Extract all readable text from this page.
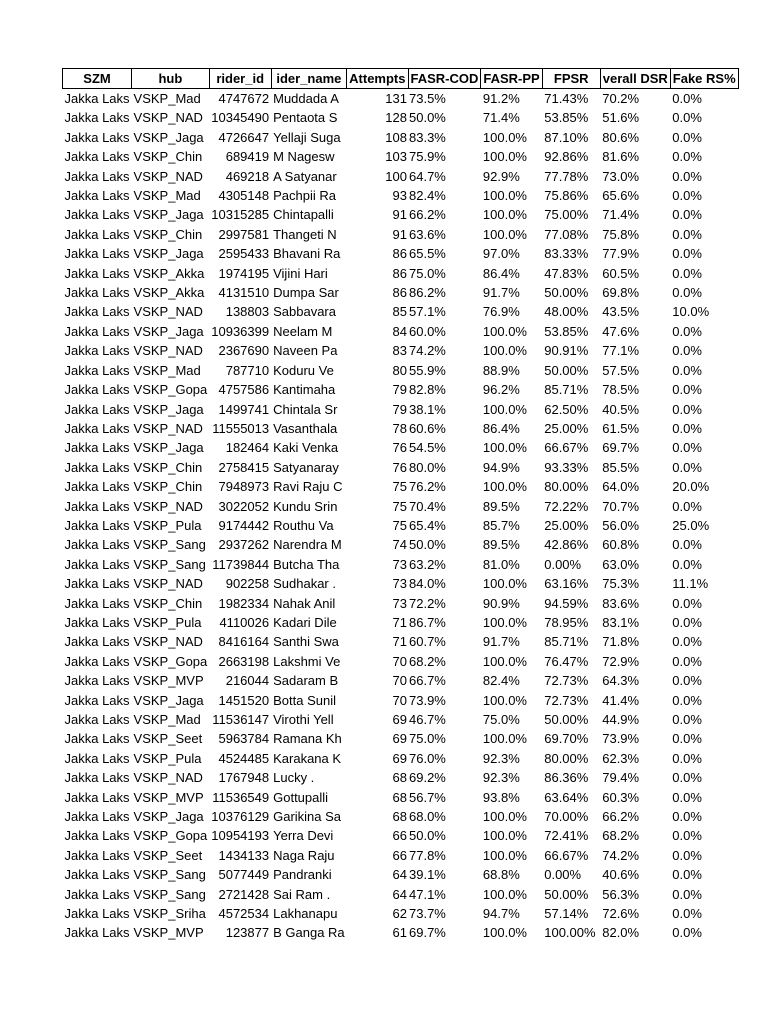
SZM	hub	rider_id	ider_name	Attempts	FASR-COD	FASR-PP	FPSR	verall DSR	Fake RS%
Jakka Laks	VSKP_Mad	4747672	Muddada A	131	73.5%	91.2%	71.43%	70.2%	0.0%
Jakka Laks	VSKP_NAD	10345490	Pentaota S	128	50.0%	71.4%	53.85%	51.6%	0.0%
Jakka Laks	VSKP_Jaga	4726647	Yellaji Suga	108	83.3%	100.0%	87.10%	80.6%	0.0%
Jakka Laks	VSKP_Chin	689419	M Nagesw	103	75.9%	100.0%	92.86%	81.6%	0.0%
Jakka Laks	VSKP_NAD	469218	A Satyanar	100	64.7%	92.9%	77.78%	73.0%	0.0%
Jakka Laks	VSKP_Mad	4305148	Pachpii Ra	93	82.4%	100.0%	75.86%	65.6%	0.0%
Jakka Laks	VSKP_Jaga	10315285	Chintapalli	91	66.2%	100.0%	75.00%	71.4%	0.0%
Jakka Laks	VSKP_Chin	2997581	Thangeti N	91	63.6%	100.0%	77.08%	75.8%	0.0%
Jakka Laks	VSKP_Jaga	2595433	Bhavani Ra	86	65.5%	97.0%	83.33%	77.9%	0.0%
Jakka Laks	VSKP_Akka	1974195	Vijini Hari	86	75.0%	86.4%	47.83%	60.5%	0.0%
Jakka Laks	VSKP_Akka	4131510	Dumpa Sar	86	86.2%	91.7%	50.00%	69.8%	0.0%
Jakka Laks	VSKP_NAD	138803	Sabbavara	85	57.1%	76.9%	48.00%	43.5%	10.0%
Jakka Laks	VSKP_Jaga	10936399	Neelam M	84	60.0%	100.0%	53.85%	47.6%	0.0%
Jakka Laks	VSKP_NAD	2367690	Naveen Pa	83	74.2%	100.0%	90.91%	77.1%	0.0%
Jakka Laks	VSKP_Mad	787710	Koduru Ve	80	55.9%	88.9%	50.00%	57.5%	0.0%
Jakka Laks	VSKP_Gopa	4757586	Kantimaha	79	82.8%	96.2%	85.71%	78.5%	0.0%
Jakka Laks	VSKP_Jaga	1499741	Chintala Sr	79	38.1%	100.0%	62.50%	40.5%	0.0%
Jakka Laks	VSKP_NAD	11555013	Vasanthala	78	60.6%	86.4%	25.00%	61.5%	0.0%
Jakka Laks	VSKP_Jaga	182464	Kaki Venka	76	54.5%	100.0%	66.67%	69.7%	0.0%
Jakka Laks	VSKP_Chin	2758415	Satyanaray	76	80.0%	94.9%	93.33%	85.5%	0.0%
Jakka Laks	VSKP_Chin	7948973	Ravi Raju C	75	76.2%	100.0%	80.00%	64.0%	20.0%
Jakka Laks	VSKP_NAD	3022052	Kundu Srin	75	70.4%	89.5%	72.22%	70.7%	0.0%
Jakka Laks	VSKP_Pula	9174442	Routhu Va	75	65.4%	85.7%	25.00%	56.0%	25.0%
Jakka Laks	VSKP_Sang	2937262	Narendra M	74	50.0%	89.5%	42.86%	60.8%	0.0%
Jakka Laks	VSKP_Sang	11739844	Butcha Tha	73	63.2%	81.0%	0.00%	63.0%	0.0%
Jakka Laks	VSKP_NAD	902258	Sudhakar .	73	84.0%	100.0%	63.16%	75.3%	11.1%
Jakka Laks	VSKP_Chin	1982334	Nahak Anil	73	72.2%	90.9%	94.59%	83.6%	0.0%
Jakka Laks	VSKP_Pula	4110026	Kadari Dile	71	86.7%	100.0%	78.95%	83.1%	0.0%
Jakka Laks	VSKP_NAD	8416164	Santhi Swa	71	60.7%	91.7%	85.71%	71.8%	0.0%
Jakka Laks	VSKP_Gopa	2663198	Lakshmi Ve	70	68.2%	100.0%	76.47%	72.9%	0.0%
Jakka Laks	VSKP_MVP	216044	Sadaram B	70	66.7%	82.4%	72.73%	64.3%	0.0%
Jakka Laks	VSKP_Jaga	1451520	Botta Sunil	70	73.9%	100.0%	72.73%	41.4%	0.0%
Jakka Laks	VSKP_Mad	11536147	Virothi Yell	69	46.7%	75.0%	50.00%	44.9%	0.0%
Jakka Laks	VSKP_Seet	5963784	Ramana Kh	69	75.0%	100.0%	69.70%	73.9%	0.0%
Jakka Laks	VSKP_Pula	4524485	Karakana K	69	76.0%	92.3%	80.00%	62.3%	0.0%
Jakka Laks	VSKP_NAD	1767948	Lucky .	68	69.2%	92.3%	86.36%	79.4%	0.0%
Jakka Laks	VSKP_MVP	11536549	Gottupalli	68	56.7%	93.8%	63.64%	60.3%	0.0%
Jakka Laks	VSKP_Jaga	10376129	Garikina Sa	68	68.0%	100.0%	70.00%	66.2%	0.0%
Jakka Laks	VSKP_Gopa	10954193	Yerra Devi	66	50.0%	100.0%	72.41%	68.2%	0.0%
Jakka Laks	VSKP_Seet	1434133	Naga Raju	66	77.8%	100.0%	66.67%	74.2%	0.0%
Jakka Laks	VSKP_Sang	5077449	Pandranki	64	39.1%	68.8%	0.00%	40.6%	0.0%
Jakka Laks	VSKP_Sang	2721428	Sai Ram .	64	47.1%	100.0%	50.00%	56.3%	0.0%
Jakka Laks	VSKP_Sriha	4572534	Lakhanapu	62	73.7%	94.7%	57.14%	72.6%	0.0%
Jakka Laks	VSKP_MVP	123877	B Ganga Ra	61	69.7%	100.0%	100.00%	82.0%	0.0%
